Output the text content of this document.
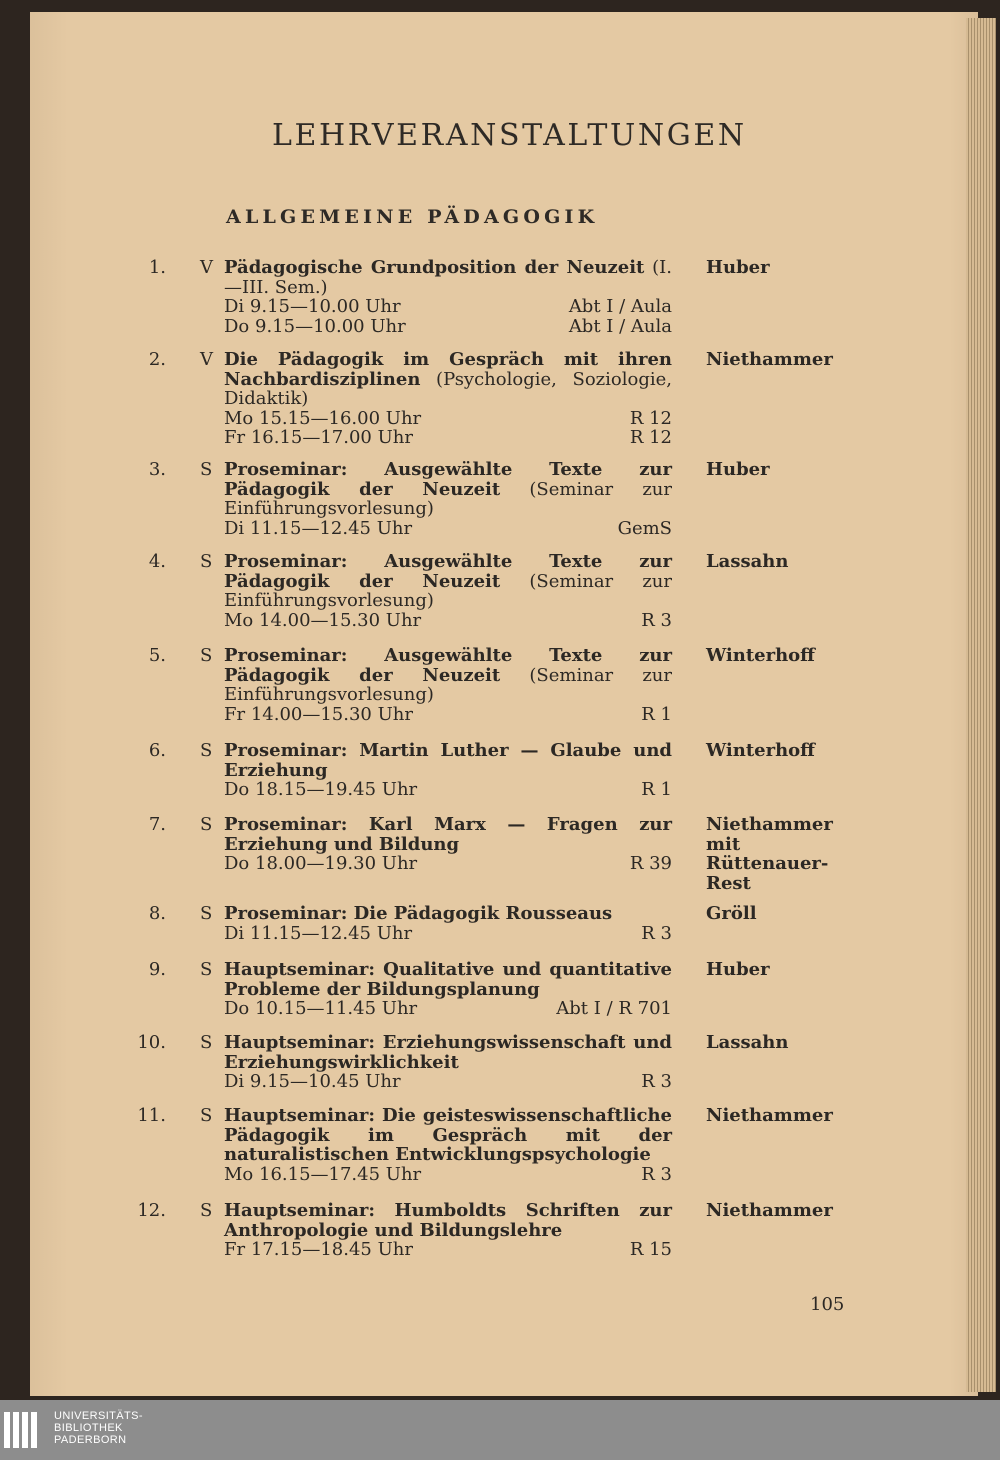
LEHRVERANSTALTUNGEN
ALLGEMEINE PÄDAGOGIK
1. V Pädagogische Grundposition der Neuzeit (I.—III. Sem.)
Di 9.15—10.00 Uhr	Abt I / Aula
Do 9.15—10.00 Uhr	Abt I / Aula
Huber
2. V Die Pädagogik im Gespräch mit ihren Nachbardisziplinen (Psychologie, Soziologie, Didaktik)
Mo 15.15—16.00 Uhr	R 12
Fr 16.15—17.00 Uhr	R 12
Niethammer
3. S Proseminar: Ausgewählte Texte zur Pädagogik der Neuzeit (Seminar zur Einführungsvorlesung)
Di 11.15—12.45 Uhr	GemS
Huber
4. S Proseminar: Ausgewählte Texte zur Pädagogik der Neuzeit (Seminar zur Einführungsvorlesung)
Mo 14.00—15.30 Uhr	R 3
Lassahn
5. S Proseminar: Ausgewählte Texte zur Pädagogik der Neuzeit (Seminar zur Einführungsvorlesung)
Fr 14.00—15.30 Uhr	R 1
Winterhoff
6. S Proseminar: Martin Luther — Glaube und Erziehung
Do 18.15—19.45 Uhr	R 1
Winterhoff
7. S Proseminar: Karl Marx — Fragen zur Erziehung und Bildung
Do 18.00—19.30 Uhr	R 39
Niethammer mit Rüttenauer-Rest
8. S Proseminar: Die Pädagogik Rousseaus
Di 11.15—12.45 Uhr	R 3
Gröll
9. S Hauptseminar: Qualitative und quantitative Probleme der Bildungsplanung
Do 10.15—11.45 Uhr	Abt I / R 701
Huber
10. S Hauptseminar: Erziehungswissenschaft und Erziehungswirklichkeit
Di 9.15—10.45 Uhr	R 3
Lassahn
11. S Hauptseminar: Die geisteswissenschaftliche Pädagogik im Gespräch mit der naturalistischen Entwicklungspsychologie
Mo 16.15—17.45 Uhr	R 3
Niethammer
12. S Hauptseminar: Humboldts Schriften zur Anthropologie und Bildungslehre
Fr 17.15—18.45 Uhr	R 15
Niethammer
105
UNIVERSITÄTS-
BIBLIOTHEK
PADERBORN
